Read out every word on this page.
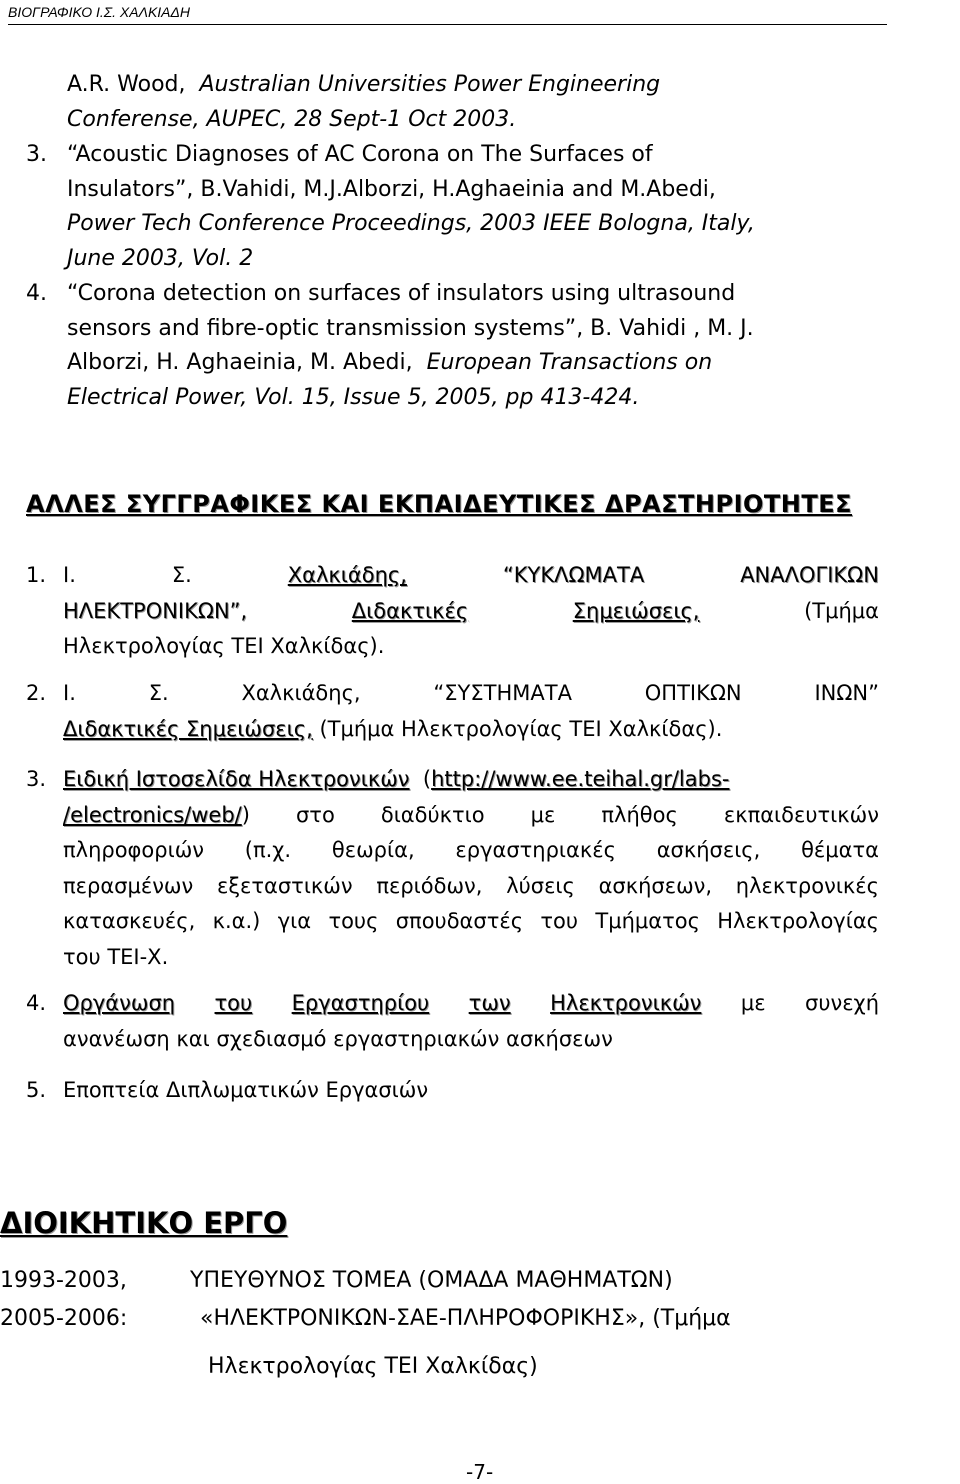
ΒΙΟΓΡΑΦΙΚΟ Ι.Σ. ΧΑΛΚΙΑΔΗ
A.R. Wood, Australian Universities Power Engineering
Conferense, AUPEC, 28 Sept-1 Oct 2003.
3. “Acoustic Diagnoses of AC Corona on The Surfaces of
Insulators”, B.Vahidi, M.J.Alborzi, H.Aghaeinia and M.Abedi,
Power Tech Conference Proceedings, 2003 IEEE Bologna, Italy,
June 2003, Vol. 2
4. “Corona detection on surfaces of insulators using ultrasound
sensors and fibre-optic transmission systems”, B. Vahidi , M. J.
Alborzi, H. Aghaeinia, M. Abedi, European Transactions on
Electrical Power, Vol. 15, Issue 5, 2005, pp 413-424.
ΑΛΛΕΣ ΣΥΓΓΡΑΦΙΚΕΣ ΚΑΙ ΕΚΠΑΙΔΕΥΤΙΚΕΣ ΔΡΑΣΤΗΡΙΟΤΗΤΕΣ
1. Ι.	Σ.	Χαλκιάδης,	“ΚΥΚΛΩΜΑΤΑ	ΑΝΑΛΟΓΙΚΩΝ
ΗΛΕΚΤΡΟΝΙΚΩΝ”,	Διδακτικές	Σημειώσεις,	(Τμήμα
Ηλεκτρολογίας ΤΕΙ Χαλκίδας).
2. Ι.	Σ.	Χαλκιάδης,	“ΣΥΣΤΗΜΑΤΑ	ΟΠΤΙΚΩΝ	ΙΝΩΝ”
Διδακτικές Σημειώσεις, (Τμήμα Ηλεκτρολογίας ΤΕΙ Χαλκίδας).
3. Ειδική Ιστοσελίδα Ηλεκτρονικών  (http://www.ee.teihal.gr/labs-
/electronics/web/) στο διαδύκτιο με πλήθος εκπαιδευτικών
πληροφοριών (π.χ. θεωρία, εργαστηριακές ασκήσεις, θέματα
περασμένων εξεταστικών περιόδων, λύσεις ασκήσεων, ηλεκτρονικές
κατασκευές, κ.α.) για τους σπουδαστές του Τμήματος Ηλεκτρολογίας
του ΤΕΙ-Χ.
4. Οργάνωση του Εργαστηρίου των Ηλεκτρονικών με συνεχή
ανανέωση και σχεδιασμό εργαστηριακών ασκήσεων
5. Εποπτεία Διπλωματικών Εργασιών
ΔΙΟΙΚΗΤΙΚΟ ΕΡΓΟ
1993-2003,	ΥΠΕΥΘΥΝΟΣ ΤΟΜΕΑ (ΟΜΑΔΑ ΜΑΘΗΜΑΤΩΝ)
2005-2006:	«ΗΛΕΚΤΡΟΝΙΚΩΝ-ΣΑΕ-ΠΛΗΡΟΦΟΡΙΚΗΣ», (Τμήμα
Ηλεκτρολογίας ΤΕΙ Χαλκίδας)
-7-
